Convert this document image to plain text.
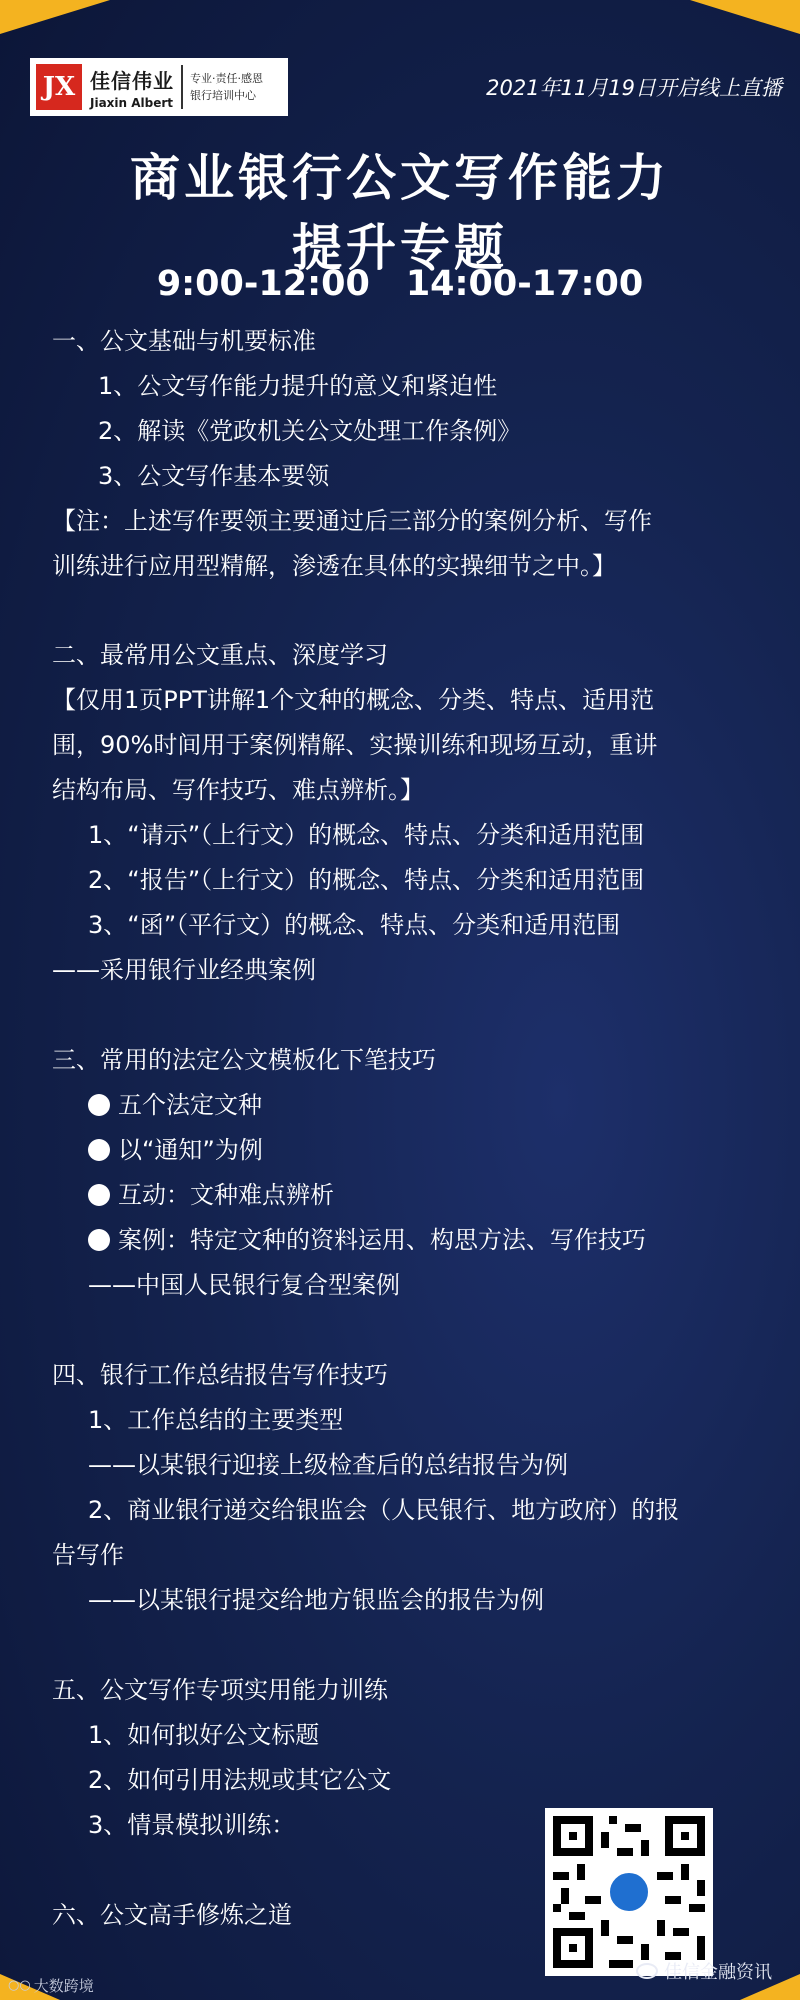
JX 佳信伟业
Jiaxin Albert
专业·责任·感恩
银行培训中心	2021年11月19日开启线上直播
商业银行公文写作能力
提升专题
9:00-12:00 14:00-17:00
一、公文基础与机要标准
1、公文写作能力提升的意义和紧迫性
2、解读《党政机关公文处理工作条例》
3、公文写作基本要领
【注：上述写作要领主要通过后三部分的案例分析、写作
训练进行应用型精解，渗透在具体的实操细节之中。】
二、最常用公文重点、深度学习
【仅用1页PPT讲解1个文种的概念、分类、特点、适用范
围，90%时间用于案例精解、实操训练和现场互动，重讲
结构布局、写作技巧、难点辨析。】
1、“请示”（上行文）的概念、特点、分类和适用范围
2、“报告”（上行文）的概念、特点、分类和适用范围
3、“函”（平行文）的概念、特点、分类和适用范围
——采用银行业经典案例
三、常用的法定公文模板化下笔技巧
五个法定文种
以“通知”为例
互动：文种难点辨析
案例：特定文种的资料运用、构思方法、写作技巧
——中国人民银行复合型案例
四、银行工作总结报告写作技巧
1、工作总结的主要类型
——以某银行迎接上级检查后的总结报告为例
2、商业银行递交给银监会（人民银行、地方政府）的报
告写作
——以某银行提交给地方银监会的报告为例
五、公文写作专项实用能力训练
1、如何拟好公文标题
2、如何引用法规或其它公文
3、情景模拟训练：
六、公文高手修炼之道
佳信金融资讯
○○ 大数跨境
